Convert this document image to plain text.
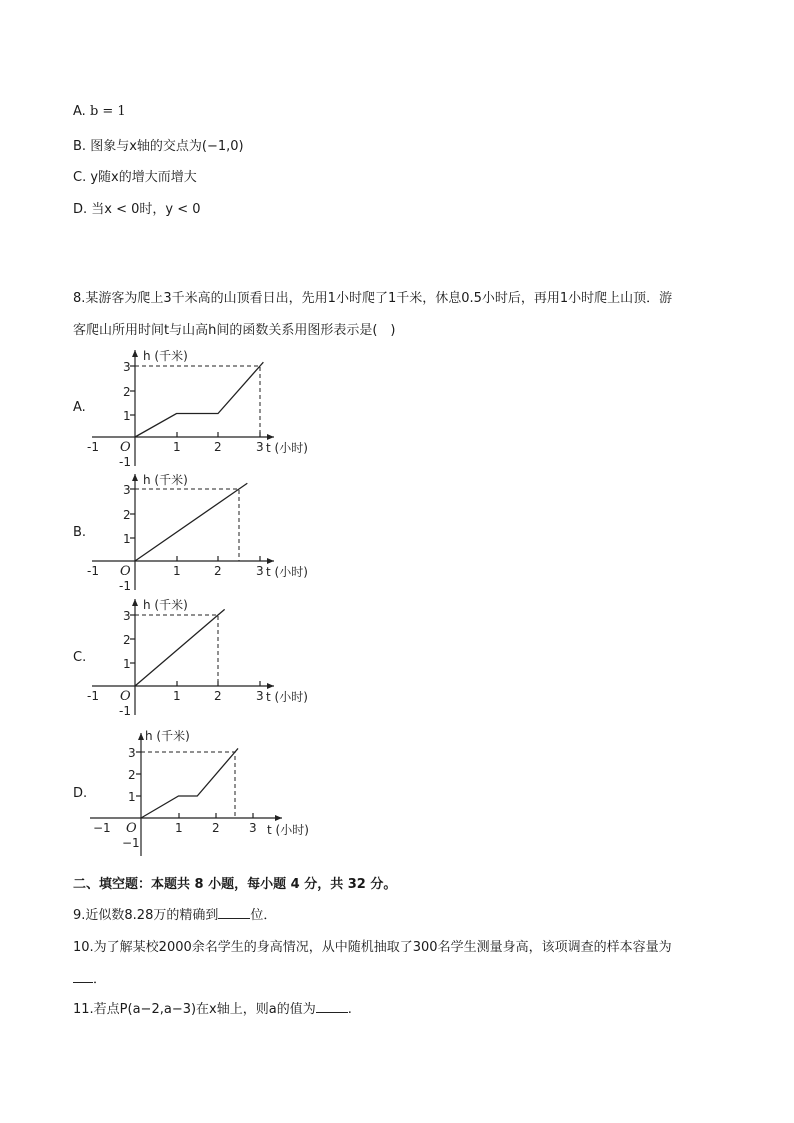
A. b = 1
B. 图象与x轴的交点为(−1,0)
C. y随x的增大而增大
D. 当x < 0时，y < 0
8.某游客为爬上3千米高的山顶看日出，先用1小时爬了1千米，休息0.5小时后，再用1小时爬上山顶．游
客爬山所用时间t与山高h间的函数关系用图形表示是(　)
A.
B.
C.
D.
-1 O	1	2	3
3
2
1
-1
h (千米)
t (小时)
-1 O	1	2	3
3
2
1
-1
h (千米)
t (小时)
-1 O	1	2	3
3
2
1
-1
h (千米)
t (小时)
−1 O	1 2 3
3
2
1
−1
h (千米)
t (小时)
二、填空题：本题共 8 小题，每小题 4 分，共 32 分。
9.近似数8.28万的精确到 位．
10.为了解某校2000余名学生的身高情况，从中随机抽取了300名学生测量身高，该项调查的样本容量为
．
11.若点P(a−2,a−3)在x轴上，则a的值为 .
